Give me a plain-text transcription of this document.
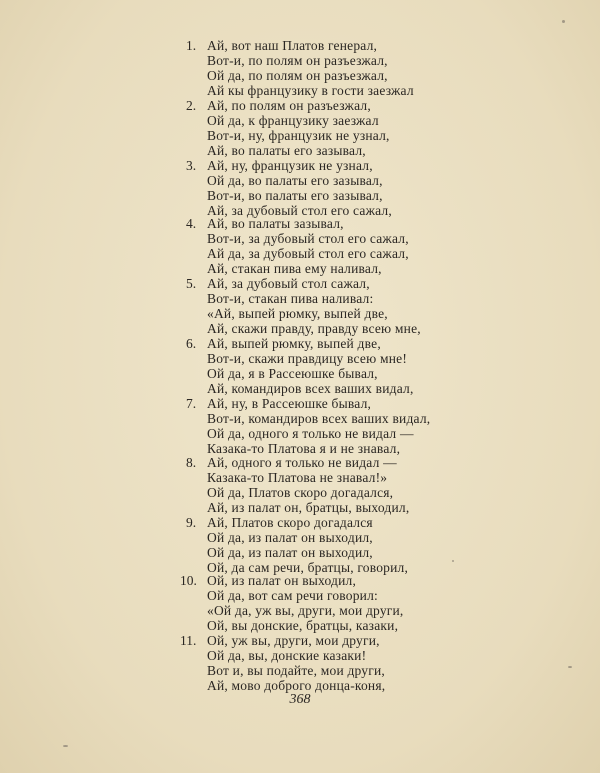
1. Ай, вот наш Платов генерал,
Вот-и, по полям он разъезжал,
Ой да, по полям он разъезжал,
Ай кы французику в гости заезжал
2. Ай, по полям он разъезжал,
Ой да, к французику заезжал
Вот-и, ну, французик не узнал,
Ай, во палаты его зазывал,
3. Ай, ну, французик не узнал,
Ой да, во палаты его зазывал,
Вот-и, во палаты его зазывал,
Ай, за дубовый стол его сажал,
4. Ай, во палаты зазывал,
Вот-и, за дубовый стол его сажал,
Ай да, за дубовый стол его сажал,
Ай, стакан пива ему наливал,
5. Ай, за дубовый стол сажал,
Вот-и, стакан пива наливал:
«Ай, выпей рюмку, выпей две,
Ай, скажи правду, правду всею мне,
6. Ай, выпей рюмку, выпей две,
Вот-и, скажи правдицу всею мне!
Ой да, я в Рассеюшке бывал,
Ай, командиров всех ваших видал,
7. Ай, ну, в Рассеюшке бывал,
Вот-и, командиров всех ваших видал,
Ой да, одного я только не видал —
Казака-то Платова я и не знавал,
8. Ай, одного я только не видал —
Казака-то Платова не знавал!»
Ой да, Платов скоро догадался,
Ай, из палат он, братцы, выходил,
9. Ай, Платов скоро догадался
Ой да, из палат он выходил,
Ой да, из палат он выходил,
Ой, да сам речи, братцы, говорил,
10. Ой, из палат он выходил,
Ой да, вот сам речи говорил:
«Ой да, уж вы, други, мои други,
Ой, вы донские, братцы, казаки,
11. Ой, уж вы, други, мои други,
Ой да, вы, донские казаки!
Вот и, вы подайте, мои други,
Ай, мово доброго донца-коня,
368
